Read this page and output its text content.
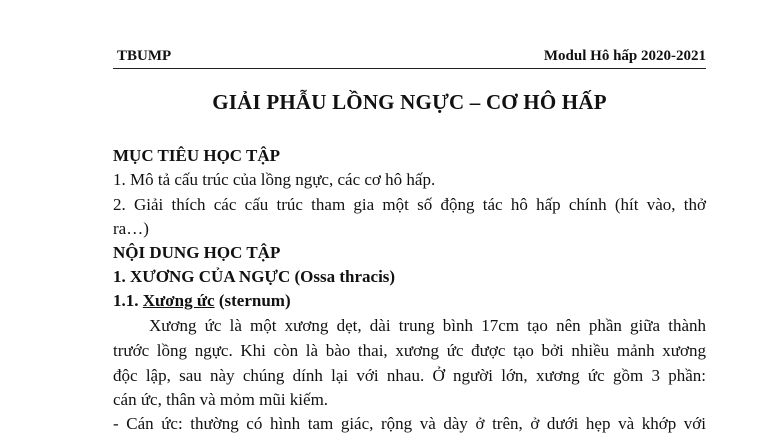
TBUMP	Modul Hô hấp 2020-2021
GIẢI PHẪU LỒNG NGỰC – CƠ HÔ HẤP
MỤC TIÊU HỌC TẬP
1. Mô tả cấu trúc của lồng ngực, các cơ hô hấp.
2. Giải thích các cấu trúc tham gia một số động tác hô hấp chính (hít vào, thở
ra…)
NỘI DUNG HỌC TẬP
1. XƯƠNG CỦA NGỰC (Ossa thracis)
1.1. Xương ức (sternum)
Xương ức là một xương dẹt, dài trung bình 17cm tạo nên phần giữa thành
trước lồng ngực. Khi còn là bào thai, xương ức được tạo bởi nhiều mảnh xương
độc lập, sau này chúng dính lại với nhau. Ở người lớn, xương ức gồm 3 phần:
cán ức, thân và mỏm mũi kiếm.
- Cán ức: thường có hình tam giác, rộng và dày ở trên, ở dưới hẹp và khớp với
